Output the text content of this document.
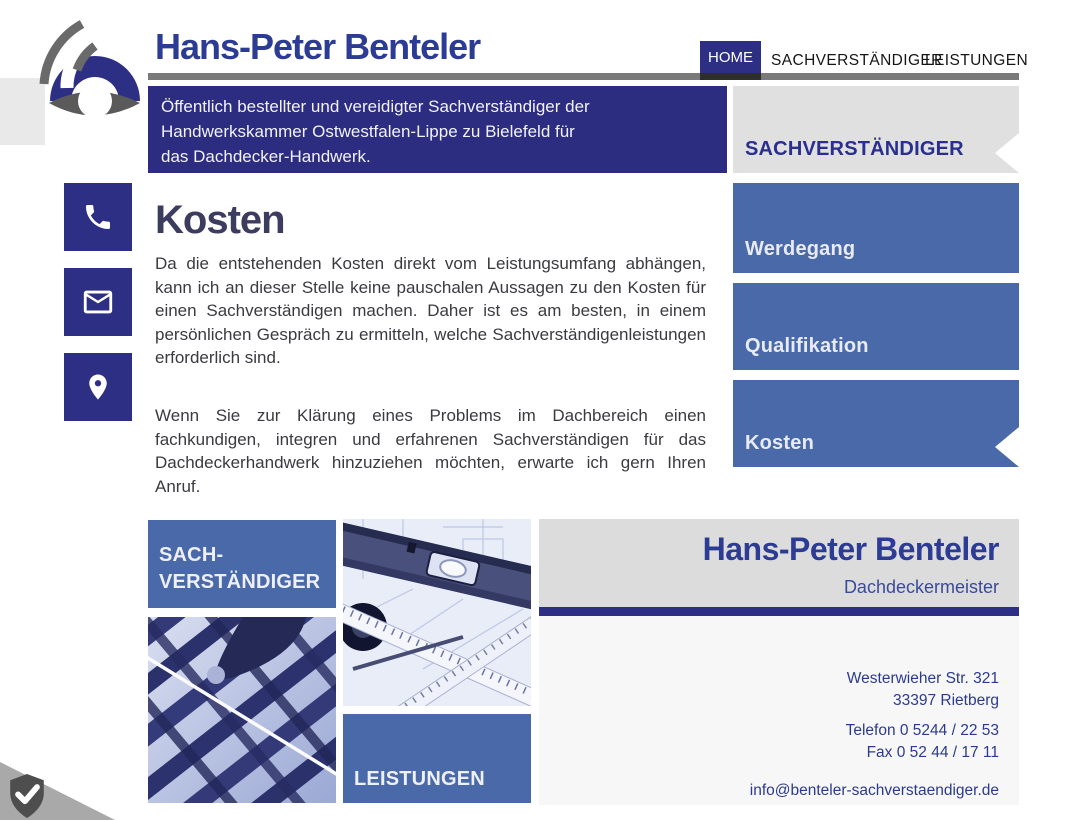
Hans-Peter Benteler	HOME SACHVERSTÄNDIGER
LEISTUNGEN
Öffentlich bestellter und vereidigter Sachverständiger der
Handwerkskammer Ostwestfalen-Lippe zu Bielefeld für
das Dachdecker-Handwerk.
Kosten

Da die entstehenden Kosten direkt vom Leistungsumfang abhängen, kann ich an dieser Stelle keine pauschalen Aussagen zu den Kosten für einen Sachverständigen machen. Daher ist es am besten, in einem persönlichen Gespräch zu ermitteln, welche Sachverständigenleistungen erforderlich sind.

Wenn Sie zur Klärung eines Problems im Dachbereich einen fachkundigen, integren und erfahrenen Sachverständigen für das Dachdeckerhandwerk hinzuziehen möchten, erwarte ich gern Ihren Anruf.

SACHVERSTÄNDIGER
Werdegang
Qualifikation
Kosten
SACH-
VERSTÄNDIGER
LEISTUNGEN
Hans-Peter Benteler
Dachdeckermeister
Westerwieher Str. 321
33397 Rietberg
Telefon 0 5244 / 22 53
Fax 0 52 44 / 17 11
info@benteler-sachverstaendiger.de
